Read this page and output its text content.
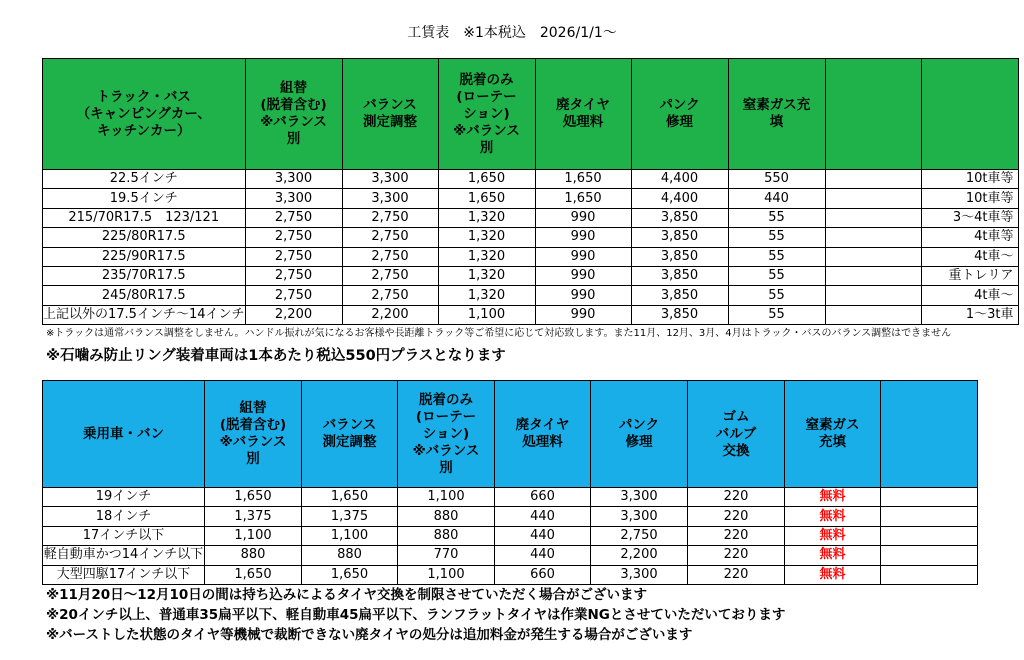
工賃表　※1本税込　2026/1/1〜
トラック・バス
（キャンピングカー、
キッチンカー）	組替
(脱着含む)
※バランス
別	バランス
測定調整	脱着のみ
(ローテー
ション)
※バランス
別	廃タイヤ
処理料	パンク
修理	窒素ガス充
填		
22.5インチ	3,300	3,300	1,650	1,650	4,400	550		10t車等
19.5インチ	3,300	3,300	1,650	1,650	4,400	440		10t車等
215/70R17.5　123/121	2,750	2,750	1,320	990	3,850	55		3〜4t車等
225/80R17.5	2,750	2,750	1,320	990	3,850	55		4t車等
225/90R17.5	2,750	2,750	1,320	990	3,850	55		4t車〜
235/70R17.5	2,750	2,750	1,320	990	3,850	55		重トレリア
245/80R17.5	2,750	2,750	1,320	990	3,850	55		4t車〜
上記以外の17.5インチ〜14インチ	2,200	2,200	1,100	990	3,850	55		1〜3t車
※トラックは通常バランス調整をしません。ハンドル振れが気になるお客様や長距離トラック等ご希望に応じて対応致します。また11月、12月、3月、4月はトラック・バスのバランス調整はできません
※石噛み防止リング装着車両は1本あたり税込550円プラスとなります
乗用車・バン	組替
(脱着含む)
※バランス
別	バランス
測定調整	脱着のみ
(ローテー
ション)
※バランス
別	廃タイヤ
処理料	パンク
修理	ゴム
バルブ
交換	窒素ガス
充填	
19インチ	1,650	1,650	1,100	660	3,300	220	無料	
18インチ	1,375	1,375	880	440	3,300	220	無料	
17インチ以下	1,100	1,100	880	440	2,750	220	無料	
軽自動車かつ14インチ以下	880	880	770	440	2,200	220	無料	
大型四駆17インチ以下	1,650	1,650	1,100	660	3,300	220	無料	
※11月20日〜12月10日の間は持ち込みによるタイヤ交換を制限させていただく場合がございます
※20インチ以上、普通車35扁平以下、軽自動車45扁平以下、ランフラットタイヤは作業NGとさせていただいております
※バーストした状態のタイヤ等機械で裁断できない廃タイヤの処分は追加料金が発生する場合がございます
